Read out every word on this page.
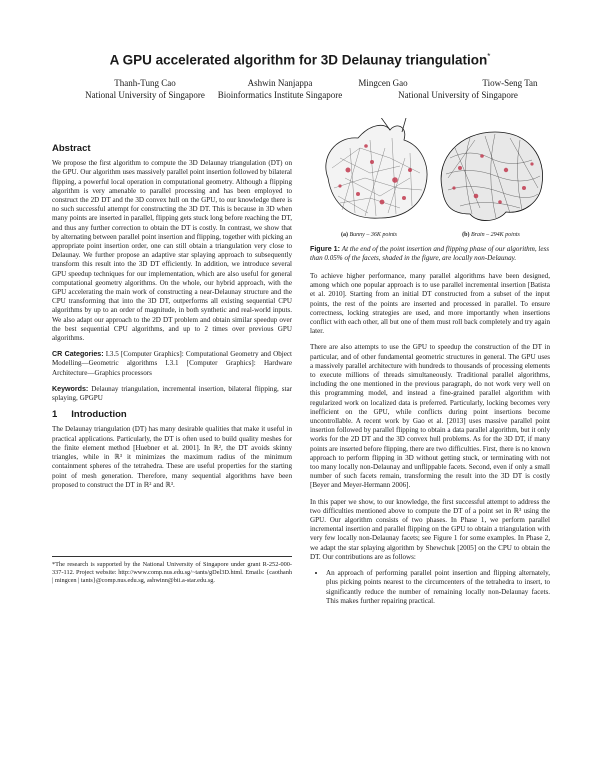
A GPU accelerated algorithm for 3D Delaunay triangulation*
Thanh-Tung Cao	Ashwin Nanjappa
Bioinformatics Institute Singapore
Mingcen Gao	Tiow-Seng Tan
National University of Singapore	National University of Singapore
Abstract

We propose the first algorithm to compute the 3D Delaunay triangulation (DT) on the GPU. Our algorithm uses massively parallel point insertion followed by bilateral flipping, a powerful local operation in computational geometry. Although a flipping algorithm is very amenable to parallel processing and has been employed to construct the 2D DT and the 3D convex hull on the GPU, to our knowledge there is no such successful attempt for constructing the 3D DT. This is because in 3D when many points are inserted in parallel, flipping gets stuck long before reaching the DT, and thus any further correction to obtain the DT is costly. In contrast, we show that by alternating between parallel point insertion and flipping, together with picking an appropriate point insertion order, one can still obtain a triangulation very close to Delaunay. We further propose an adaptive star splaying approach to subsequently transform this result into the 3D DT efficiently. In addition, we introduce several GPU speedup techniques for our implementation, which are also useful for general computational geometry algorithms. On the whole, our hybrid approach, with the GPU accelerating the main work of constructing a near-Delaunay structure and the CPU transforming that into the 3D DT, outperforms all existing sequential CPU algorithms by up to an order of magnitude, in both synthetic and real-world inputs. We also adapt our approach to the 2D DT problem and obtain similar speedup over the best sequential CPU algorithms, and up to 2 times over previous GPU algorithms.

CR Categories: I.3.5 [Computer Graphics]: Computational Geometry and Object Modelling—Geometric algorithms I.3.1 [Computer Graphics]: Hardware Architecture—Graphics processors

Keywords: Delaunay triangulation, incremental insertion, bilateral flipping, star splaying, GPGPU

1 Introduction

The Delaunay triangulation (DT) has many desirable qualities that make it useful in practical applications. Particularly, the DT is often used to build quality meshes for the finite element method [Huebner et al. 2001]. In ℝ², the DT avoids skinny triangles, while in ℝ³ it minimizes the maximum radius of the minimum containment spheres of the tetrahedra. These are useful properties for the starting point of mesh generation. Therefore, many sequential algorithms have been proposed to construct the DT in ℝ² and ℝ³.

*The research is supported by the National University of Singapore under grant R-252-000-337-112. Project website: http://www.comp.nus.edu.sg/~tants/gDel3D.html. Emails: {caothanh | mingcen | tants}@comp.nus.edu.sg, ashwinn@bii.a-star.edu.sg.
(a) Bunny – 36K points	(b) Brain – 294K points
Figure 1: At the end of the point insertion and flipping phase of our algorithm, less than 0.05% of the facets, shaded in the figure, are locally non-Delaunay.

To achieve higher performance, many parallel algorithms have been designed, among which one popular approach is to use parallel incremental insertion [Batista et al. 2010]. Starting from an initial DT constructed from a subset of the input points, the rest of the points are inserted and processed in parallel. To ensure correctness, locking strategies are used, and more importantly when insertions conflict with each other, all but one of them must roll back completely and try again later.

There are also attempts to use the GPU to speedup the construction of the DT in particular, and of other fundamental geometric structures in general. The GPU uses a massively parallel architecture with hundreds to thousands of processing elements to execute millions of threads simultaneously. Traditional parallel algorithms, including the one mentioned in the previous paragraph, do not work very well on this programming model, and instead a fine-grained parallel algorithm with regularized work on localized data is preferred. Particularly, locking becomes very inefficient on the GPU, while conflicts during point insertions become uncontrollable. A recent work by Gao et al. [2013] uses massive parallel point insertion followed by parallel flipping to obtain a data parallel algorithm, but it only works for the 2D DT and the 3D convex hull problems. As for the 3D DT, if many points are inserted before flipping, there are two difficulties. First, there is no known approach to perform flipping in 3D without getting stuck, or terminating with not too many locally non-Delaunay and unflippable facets. Second, even if only a small number of such facets remain, transforming the result into the 3D DT is costly [Beyer and Meyer-Hermann 2006].

In this paper we show, to our knowledge, the first successful attempt to address the two difficulties mentioned above to compute the DT of a point set in ℝ³ using the GPU. Our algorithm consists of two phases. In Phase 1, we perform parallel incremental insertion and parallel flipping on the GPU to obtain a triangulation with very few locally non-Delaunay facets; see Figure 1 for some examples. In Phase 2, we adapt the star splaying algorithm by Shewchuk [2005] on the CPU to obtain the DT. Our contributions are as follows:

• An approach of performing parallel point insertion and flipping alternately, plus picking points nearest to the circumcenters of the tetrahedra to insert, to significantly reduce the number of remaining locally non-Delaunay facets. This makes further repairing practical.
